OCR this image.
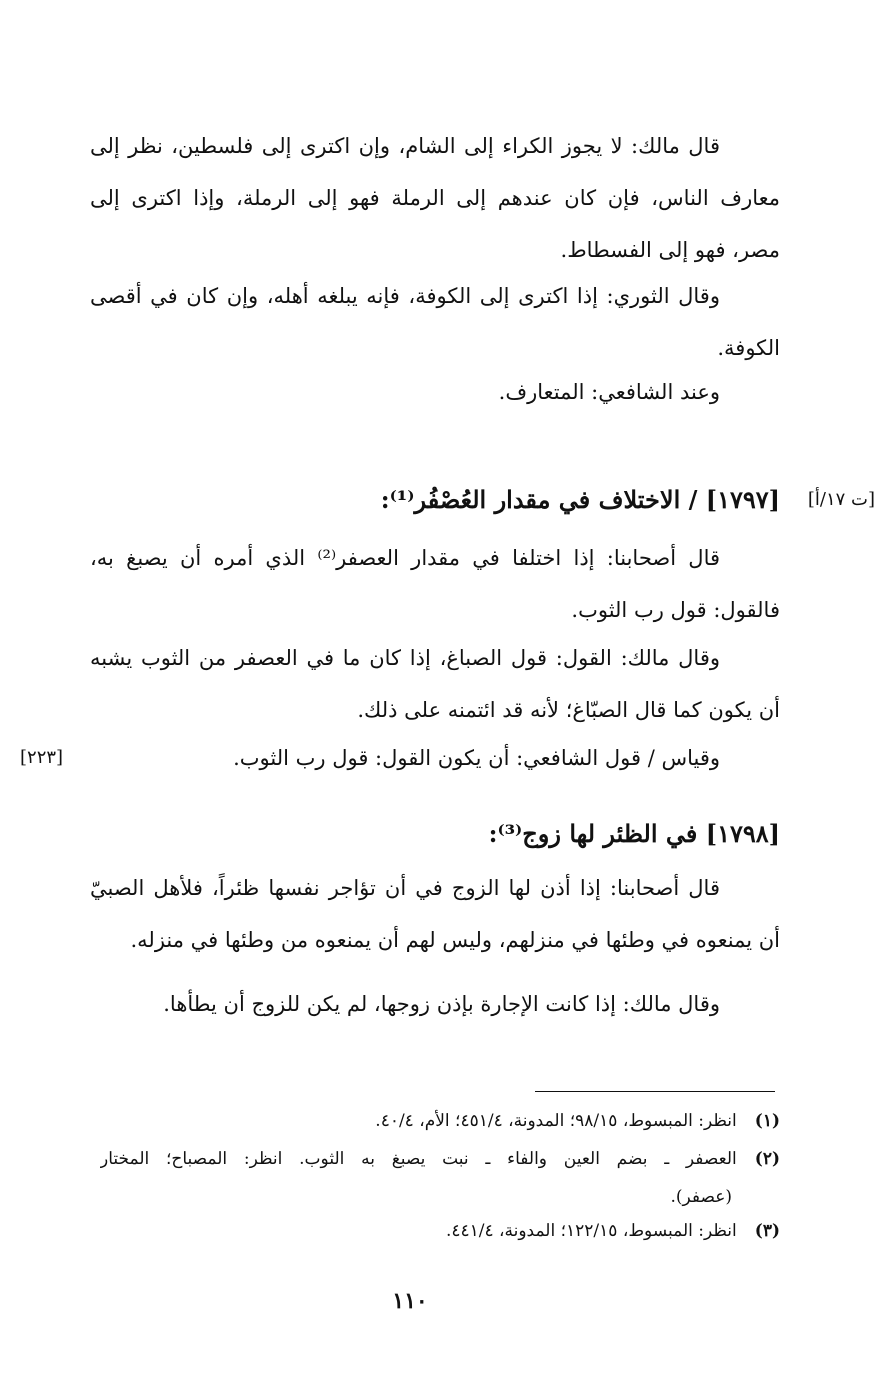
قال مالك: لا يجوز الكراء إلى الشام، وإن اكترى إلى فلسطين، نظر إلى
معارف الناس، فإن كان عندهم إلى الرملة فهو إلى الرملة، وإذا اكترى إلى
مصر، فهو إلى الفسطاط.
وقال الثوري: إذا اكترى إلى الكوفة، فإنه يبلغه أهله، وإن كان في أقصى
الكوفة.
وعند الشافعي: المتعارف.
[ت ١٧/أ]
[١٧٩٧] / الاختلاف في مقدار العُصْفُر⁽¹⁾:
قال أصحابنا: إذا اختلفا في مقدار العصفر⁽²⁾ الذي أمره أن يصبغ به،
فالقول: قول رب الثوب.
وقال مالك: القول: قول الصباغ، إذا كان ما في العصفر من الثوب يشبه
أن يكون كما قال الصبّاغ؛ لأنه قد ائتمنه على ذلك.
[٢٢٣]	وقياس / قول الشافعي: أن يكون القول: قول رب الثوب.
[١٧٩٨] في الظئر لها زوج⁽³⁾:
قال أصحابنا: إذا أذن لها الزوج في أن تؤاجر نفسها ظئراً، فلأهل الصبيّ
أن يمنعوه في وطئها في منزلهم، وليس لهم أن يمنعوه من وطئها في منزله.
وقال مالك: إذا كانت الإجارة بإذن زوجها، لم يكن للزوج أن يطأها.
(١)انظر: المبسوط، ٩٨/١٥؛ المدونة، ٤٥١/٤؛ الأم، ٤٠/٤.
(٢)العصفر ـ بضم العين والفاء ـ نبت يصبغ به الثوب. انظر: المصباح؛ المختار
(عصفر).
(٣)انظر: المبسوط، ١٢٢/١٥؛ المدونة، ٤٤١/٤.
١١٠
